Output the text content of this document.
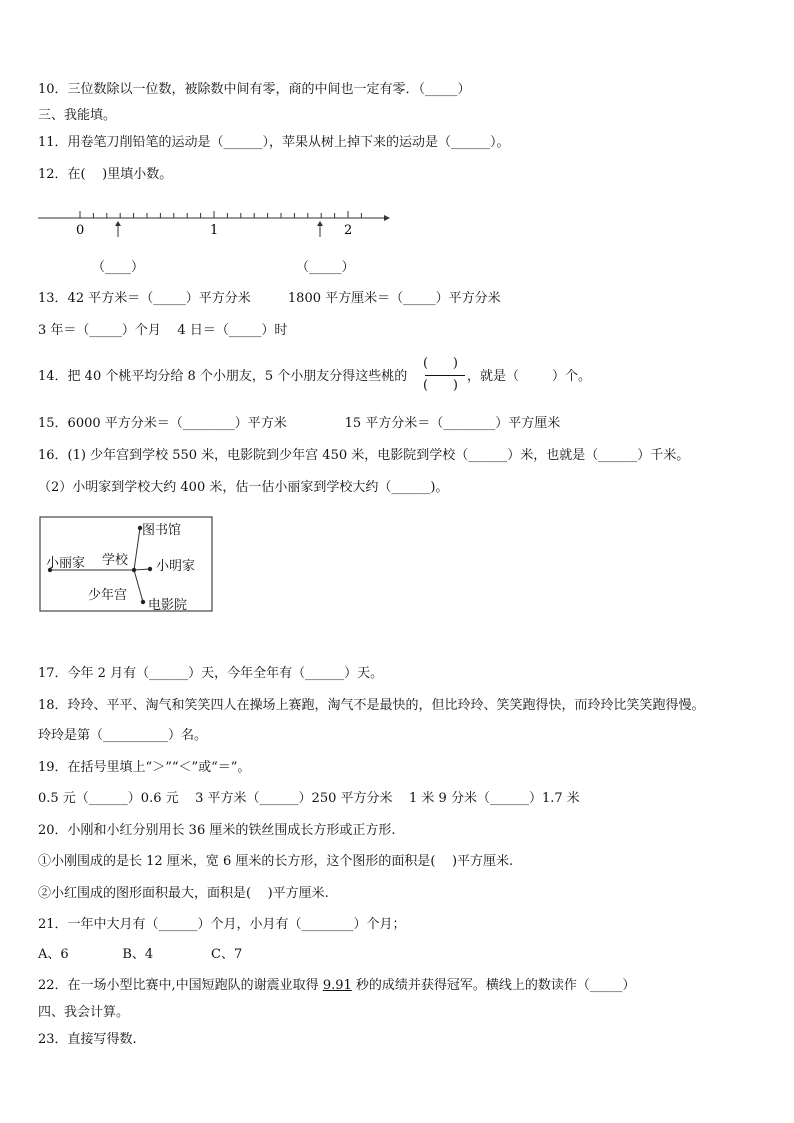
10．三位数除以一位数，被除数中间有零，商的中间也一定有零．（_____）
三、我能填。
11．用卷笔刀削铅笔的运动是（______），苹果从树上掉下来的运动是（______）。
12．在(    )里填小数。
0	1	2
（____）	（_____）
13．42 平方米＝（_____）平方分米         1800 平方厘米＝（_____）平方分米
3 年＝（_____）个月    4 日＝（_____）时
14．把 40 个桃平均分给 8 个小朋友，5 个小朋友分得这些桃的
(      )
(      )
，就是（        ）个。
15．6000 平方分米＝（________）平方米              15 平方分米＝（________）平方厘米
16．(1) 少年宫到学校 550 米，电影院到少年宫 450 米，电影院到学校（______）米，也就是（______）千米。
（2）小明家到学校大约 400 米，估一估小丽家到学校大约（______)。
小丽家 学校
图书馆
小明家
少年宫
电影院
17．今年 2 月有（______）天，今年全年有（______）天。
18．玲玲、平平、淘气和笑笑四人在操场上赛跑，淘气不是最快的，但比玲玲、笑笑跑得快，而玲玲比笑笑跑得慢。
玲玲是第（__________）名。
19．在括号里填上“＞”“＜”或“＝”。
0.5 元（______）0.6 元    3 平方米（______）250 平方分米    1 米 9 分米（______）1.7 米
20．小刚和小红分别用长 36 厘米的铁丝围成长方形或正方形.
①小刚围成的是长 12 厘米，宽 6 厘米的长方形，这个图形的面积是(    )平方厘米.
②小红围成的图形面积最大，面积是(    )平方厘米.
21．一年中大月有（______）个月，小月有（________）个月；
A、6             B、4              C、7
22．在一场小型比赛中,中国短跑队的谢震业取得 9.91 秒的成绩并获得冠军。横线上的数读作（_____）
四、我会计算。
23．直接写得数.
